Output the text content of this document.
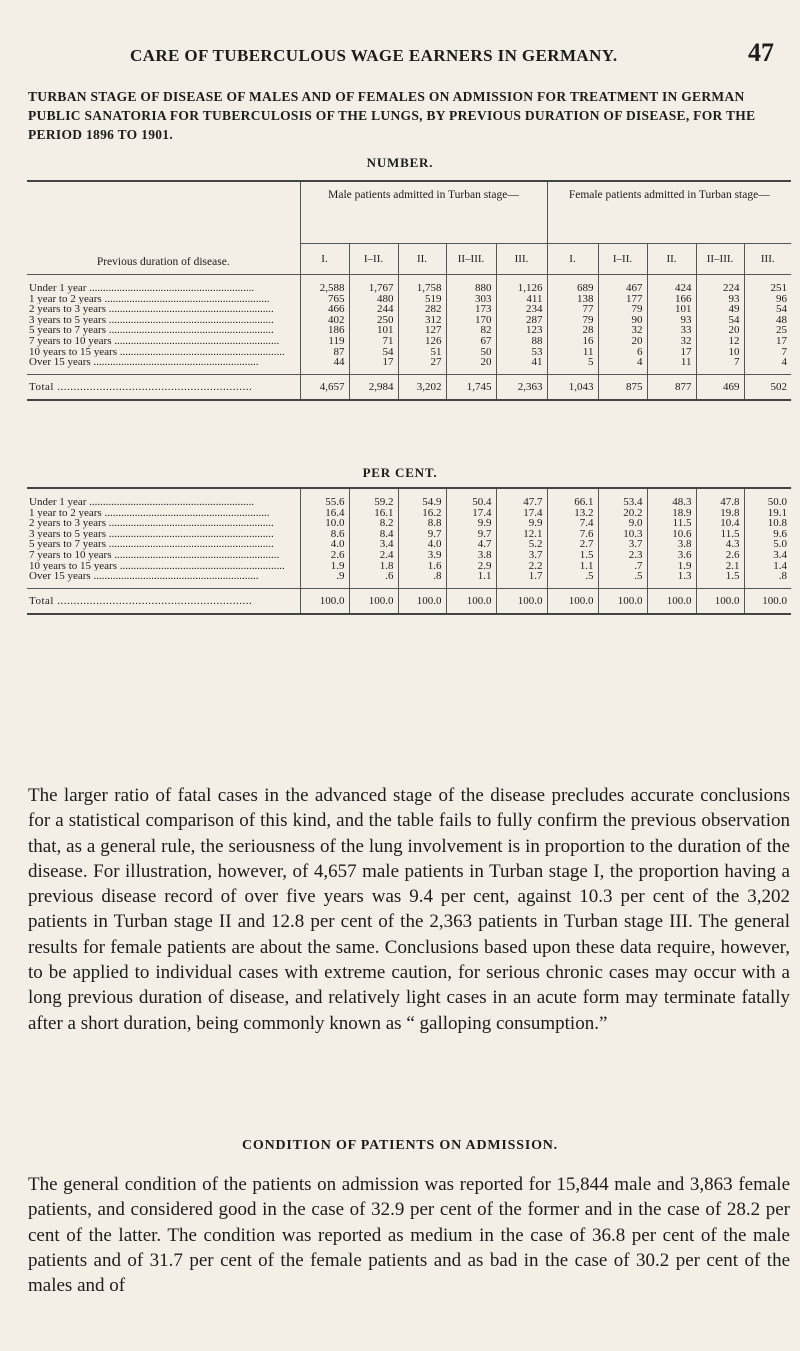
CARE OF TUBERCULOUS WAGE EARNERS IN GERMANY.	47
TURBAN STAGE OF DISEASE OF MALES AND OF FEMALES ON ADMISSION FOR TREATMENT IN GERMAN PUBLIC SANATORIA FOR TUBERCULOSIS OF THE LUNGS, BY PREVIOUS DURATION OF DISEASE, FOR THE PERIOD 1896 TO 1901.
NUMBER.
Previous duration of disease.	Male patients admitted in Turban stage—					Female patients admitted in Turban stage—				
	I.	I–II.	II.	II–III.	III.	I.	I–II.	II.	II–III.	III.
Under 1 year ............................................................	2,588	1,767	1,758	880	1,126	689	467	424	224	251
1 year to 2 years ............................................................	765	480	519	303	411	138	177	166	93	96
2 years to 3 years ............................................................	466	244	282	173	234	77	79	101	49	54
3 years to 5 years ............................................................	402	250	312	170	287	79	90	93	54	48
5 years to 7 years ............................................................	186	101	127	82	123	28	32	33	20	25
7 years to 10 years ............................................................	119	71	126	67	88	16	20	32	12	17
10 years to 15 years ............................................................	87	54	51	50	53	11	6	17	10	7
Over 15 years ............................................................	44	17	27	20	41	5	4	11	7	4
Total ............................................................	4,657	2,984	3,202	1,745	2,363	1,043	875	877	469	502
PER CENT.
Under 1 year ............................................................	55.6	59.2	54.9	50.4	47.7	66.1	53.4	48.3	47.8	50.0
1 year to 2 years ............................................................	16.4	16.1	16.2	17.4	17.4	13.2	20.2	18.9	19.8	19.1
2 years to 3 years ............................................................	10.0	8.2	8.8	9.9	9.9	7.4	9.0	11.5	10.4	10.8
3 years to 5 years ............................................................	8.6	8.4	9.7	9.7	12.1	7.6	10.3	10.6	11.5	9.6
5 years to 7 years ............................................................	4.0	3.4	4.0	4.7	5.2	2.7	3.7	3.8	4.3	5.0
7 years to 10 years ............................................................	2.6	2.4	3.9	3.8	3.7	1.5	2.3	3.6	2.6	3.4
10 years to 15 years ............................................................	1.9	1.8	1.6	2.9	2.2	1.1	.7	1.9	2.1	1.4
Over 15 years ............................................................	.9	.6	.8	1.1	1.7	.5	.5	1.3	1.5	.8
Total ............................................................	100.0	100.0	100.0	100.0	100.0	100.0	100.0	100.0	100.0	100.0

The larger ratio of fatal cases in the advanced stage of the disease precludes accurate conclusions for a statistical comparison of this kind, and the table fails to fully confirm the previous observation that, as a general rule, the seriousness of the lung involvement is in proportion to the duration of the disease. For illustration, however, of 4,657 male patients in Turban stage I, the proportion having a previous disease record of over five years was 9.4 per cent, against 10.3 per cent of the 3,202 patients in Turban stage II and 12.8 per cent of the 2,363 patients in Turban stage III. The general results for female patients are about the same. Conclusions based upon these data require, however, to be applied to individual cases with extreme caution, for serious chronic cases may occur with a long previous duration of disease, and relatively light cases in an acute form may terminate fatally after a short duration, being commonly known as “ galloping consumption.”

CONDITION OF PATIENTS ON ADMISSION.

The general condition of the patients on admission was reported for 15,844 male and 3,863 female patients, and considered good in the case of 32.9 per cent of the former and in the case of 28.2 per cent of the latter. The condition was reported as medium in the case of 36.8 per cent of the male patients and of 31.7 per cent of the female patients and as bad in the case of 30.2 per cent of the males and of
